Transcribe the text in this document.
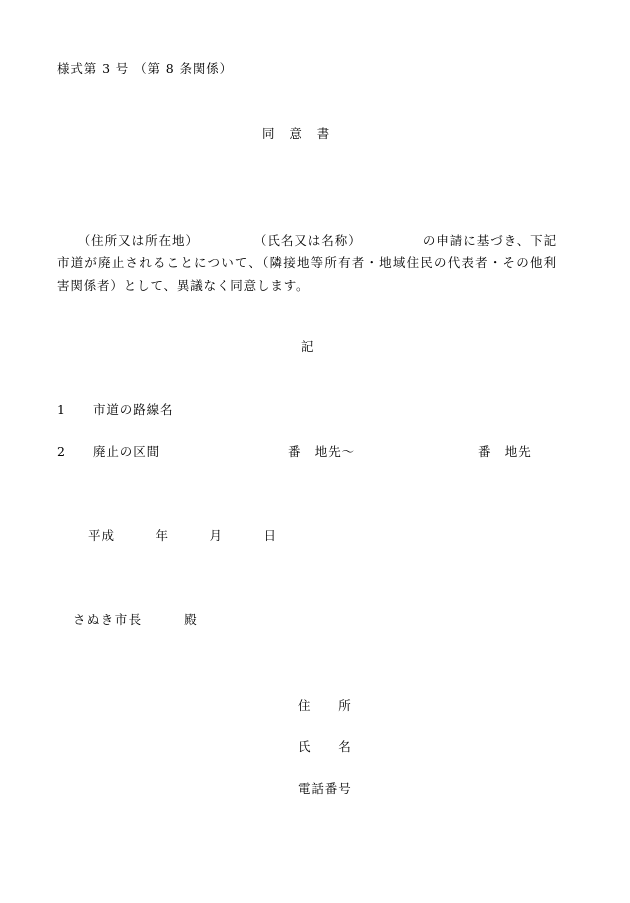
様式第 3 号 （第 8 条関係）
同　意　書

　　（住所又は所在地）　　　　　（氏名又は名称）　　　　　の申請に基づき、下記市道が廃止されることについて、（隣接地等所有者・地域住民の代表者・その他利害関係者）として、異議なく同意します。

記
1 市道の路線名
2 廃止の区間	番　地先〜	番　地先
平成　　　年　　　月　　　日
さぬき市長　　　殿
住　　所
氏　　名
電話番号
